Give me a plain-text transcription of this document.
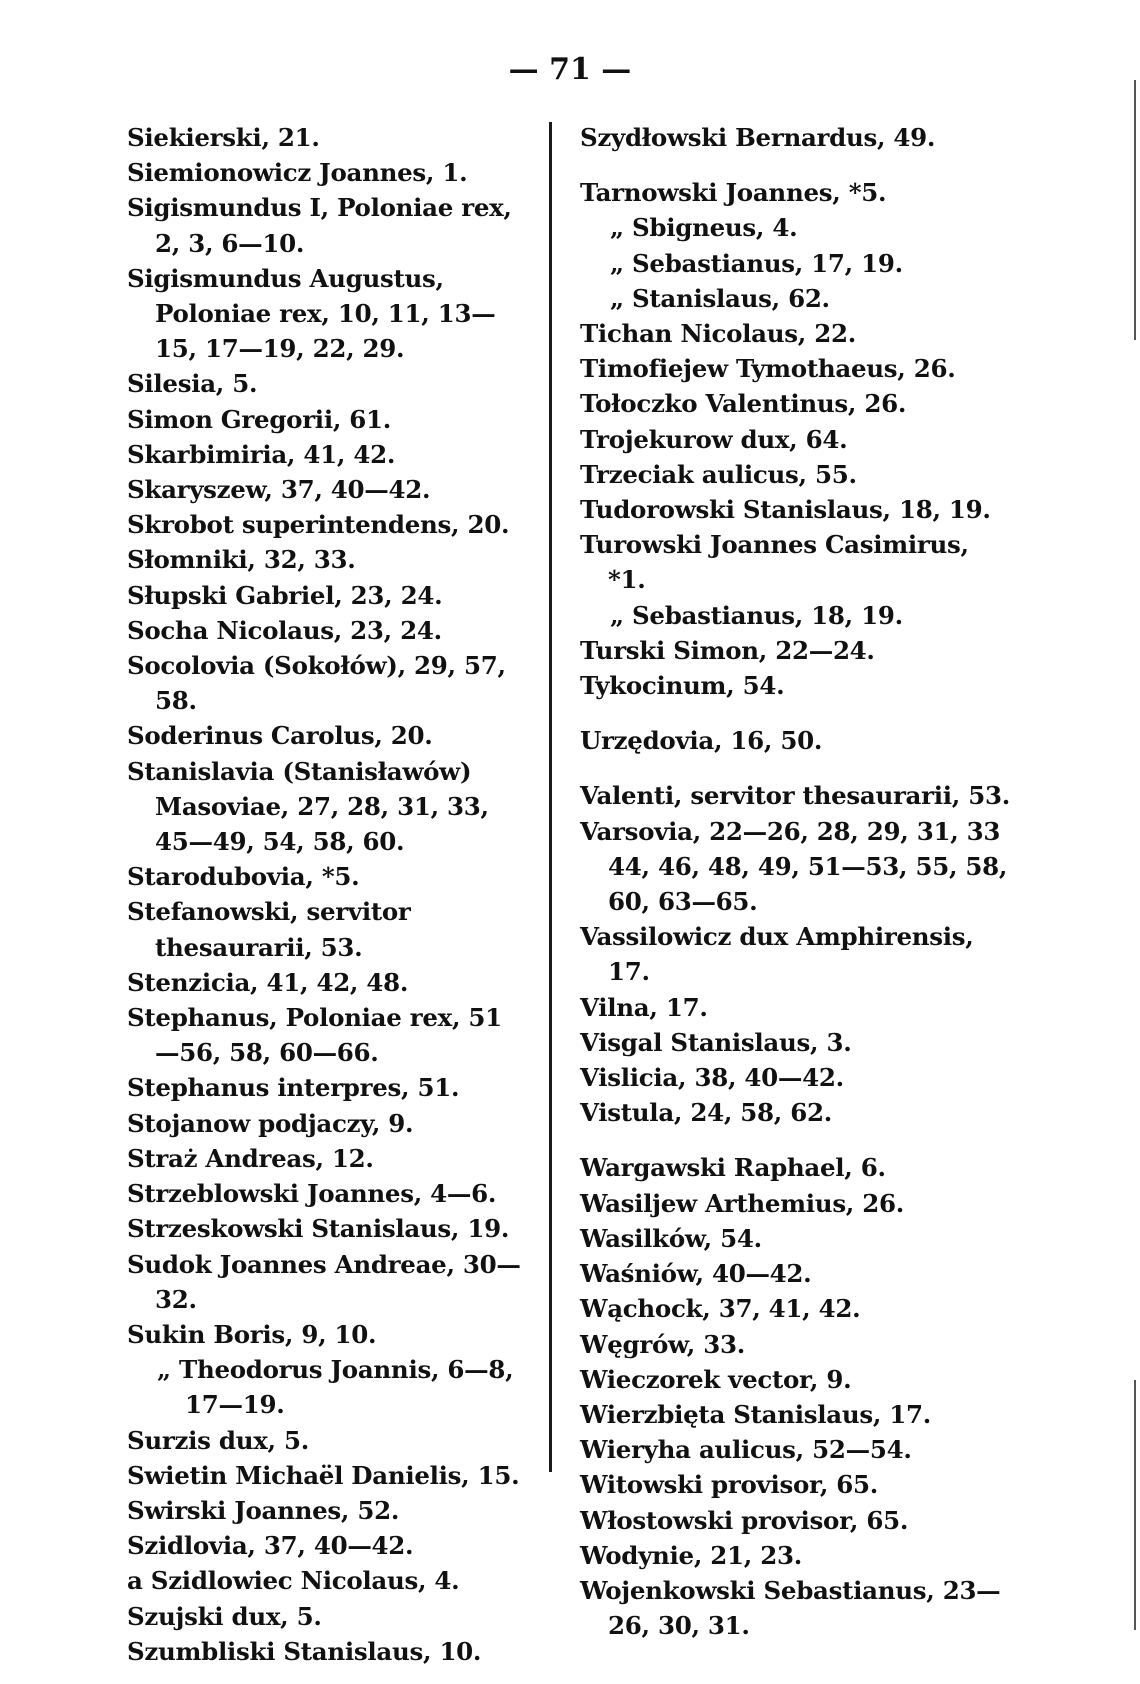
— 71 —
Siekierski, 21.
Siemionowicz Joannes, 1.
Sigismundus I, Poloniae rex, 2, 3, 6—10.
Sigismundus Augustus, Poloniae rex, 10, 11, 13—15, 17—19, 22, 29.
Silesia, 5.
Simon Gregorii, 61.
Skarbimiria, 41, 42.
Skaryszew, 37, 40—42.
Skrobot superintendens, 20.
Słomniki, 32, 33.
Słupski Gabriel, 23, 24.
Socha Nicolaus, 23, 24.
Socolovia (Sokołów), 29, 57, 58.
Soderinus Carolus, 20.
Stanislavia (Stanisławów) Masoviae, 27, 28, 31, 33, 45—49, 54, 58, 60.
Starodubovia, *5.
Stefanowski, servitor thesaurarii, 53.
Stenzicia, 41, 42, 48.
Stephanus, Poloniae rex, 51—56, 58, 60—66.
Stephanus interpres, 51.
Stojanow podjaczy, 9.
Straż Andreas, 12.
Strzeblowski Joannes, 4—6.
Strzeskowski Stanislaus, 19.
Sudok Joannes Andreae, 30—32.
Sukin Boris, 9, 10.
„ Theodorus Joannis, 6—8, 17—19.
Surzis dux, 5.
Swietin Michaël Danielis, 15.
Swirski Joannes, 52.
Szidlovia, 37, 40—42.
a Szidlowiec Nicolaus, 4.
Szujski dux, 5.
Szumbliski Stanislaus, 10.
Szydłowski Bernardus, 49.
Tarnowski Joannes, *5.
„ Sbigneus, 4.
„ Sebastianus, 17, 19.
„ Stanislaus, 62.
Tichan Nicolaus, 22.
Timofiejew Tymothaeus, 26.
Tołoczko Valentinus, 26.
Trojekurow dux, 64.
Trzeciak aulicus, 55.
Tudorowski Stanislaus, 18, 19.
Turowski Joannes Casimirus, *1.
„ Sebastianus, 18, 19.
Turski Simon, 22—24.
Tykocinum, 54.
Urzędovia, 16, 50.
Valenti, servitor thesaurarii, 53.
Varsovia, 22—26, 28, 29, 31, 33 44, 46, 48, 49, 51—53, 55, 58, 60, 63—65.
Vassilowicz dux Amphirensis, 17.
Vilna, 17.
Visgal Stanislaus, 3.
Vislicia, 38, 40—42.
Vistula, 24, 58, 62.
Wargawski Raphael, 6.
Wasiljew Arthemius, 26.
Wasilków, 54.
Waśniów, 40—42.
Wąchock, 37, 41, 42.
Węgrów, 33.
Wieczorek vector, 9.
Wierzbięta Stanislaus, 17.
Wieryha aulicus, 52—54.
Witowski provisor, 65.
Włostowski provisor, 65.
Wodynie, 21, 23.
Wojenkowski Sebastianus, 23—26, 30, 31.
